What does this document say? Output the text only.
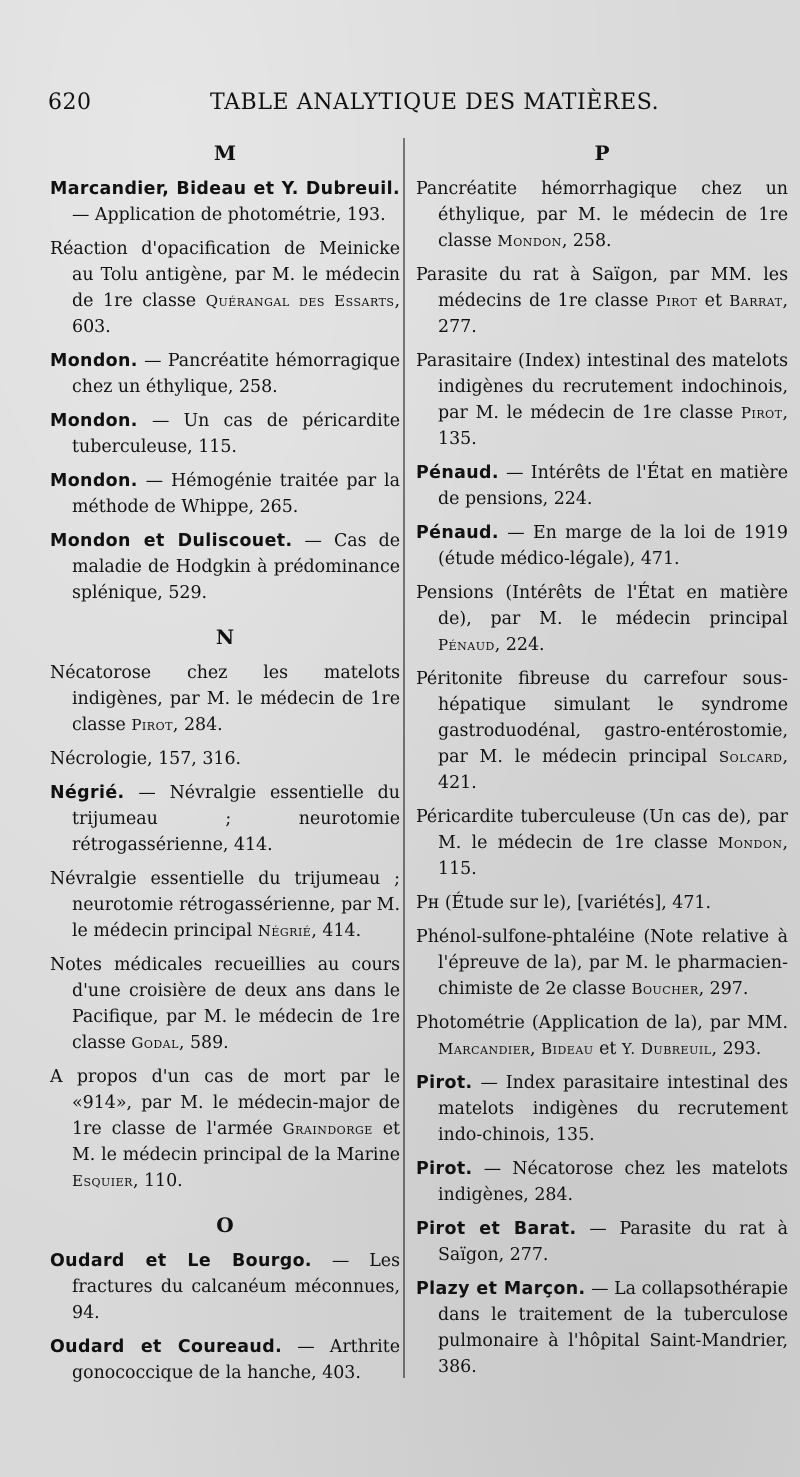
620	TABLE ANALYTIQUE DES MATIÈRES.
M
Marcandier, Bideau et Y. Dubreuil. — Application de photométrie, 193.
Réaction d'opacification de Meinicke au Tolu antigène, par M. le médecin de 1re classe Quérangal des Essarts, 603.
Mondon. — Pancréatite hémorragique chez un éthylique, 258.
Mondon. — Un cas de péricardite tuberculeuse, 115.
Mondon. — Hémogénie traitée par la méthode de Whippe, 265.
Mondon et Duliscouet. — Cas de maladie de Hodgkin à prédominance splénique, 529.
N
Nécatorose chez les matelots indigènes, par M. le médecin de 1re classe Pirot, 284.
Nécrologie, 157, 316.
Négrié. — Névralgie essentielle du trijumeau ; neurotomie rétrogassérienne, 414.
Névralgie essentielle du trijumeau ; neurotomie rétrogassérienne, par M. le médecin principal Négrié, 414.
Notes médicales recueillies au cours d'une croisière de deux ans dans le Pacifique, par M. le médecin de 1re classe Godal, 589.
A propos d'un cas de mort par le «914», par M. le médecin-major de 1re classe de l'armée Graindorge et M. le médecin principal de la Marine Esquier, 110.
O
Oudard et Le Bourgo. — Les fractures du calcanéum méconnues, 94.
Oudard et Coureaud. — Arthrite gonococcique de la hanche, 403.
P
Pancréatite hémorrhagique chez un éthylique, par M. le médecin de 1re classe Mondon, 258.
Parasite du rat à Saïgon, par MM. les médecins de 1re classe Pirot et Barrat, 277.
Parasitaire (Index) intestinal des matelots indigènes du recrutement indochinois, par M. le médecin de 1re classe Pirot, 135.
Pénaud. — Intérêts de l'État en matière de pensions, 224.
Pénaud. — En marge de la loi de 1919 (étude médico-légale), 471.
Pensions (Intérêts de l'État en matière de), par M. le médecin principal Pénaud, 224.
Péritonite fibreuse du carrefour sous-hépatique simulant le syndrome gastroduodénal, gastro-entérostomie, par M. le médecin principal Solcard, 421.
Péricardite tuberculeuse (Un cas de), par M. le médecin de 1re classe Mondon, 115.
Pн (Étude sur le), [variétés], 471.
Phénol-sulfone-phtaléine (Note relative à l'épreuve de la), par M. le pharmacien-chimiste de 2e classe Boucher, 297.
Photométrie (Application de la), par MM. Marcandier, Bideau et Y. Dubreuil, 293.
Pirot. — Index parasitaire intestinal des matelots indigènes du recrutement indo-chinois, 135.
Pirot. — Nécatorose chez les matelots indigènes, 284.
Pirot et Barat. — Parasite du rat à Saïgon, 277.
Plazy et Marçon. — La collapsothérapie dans le traitement de la tuberculose pulmonaire à l'hôpital Saint-Mandrier, 386.
